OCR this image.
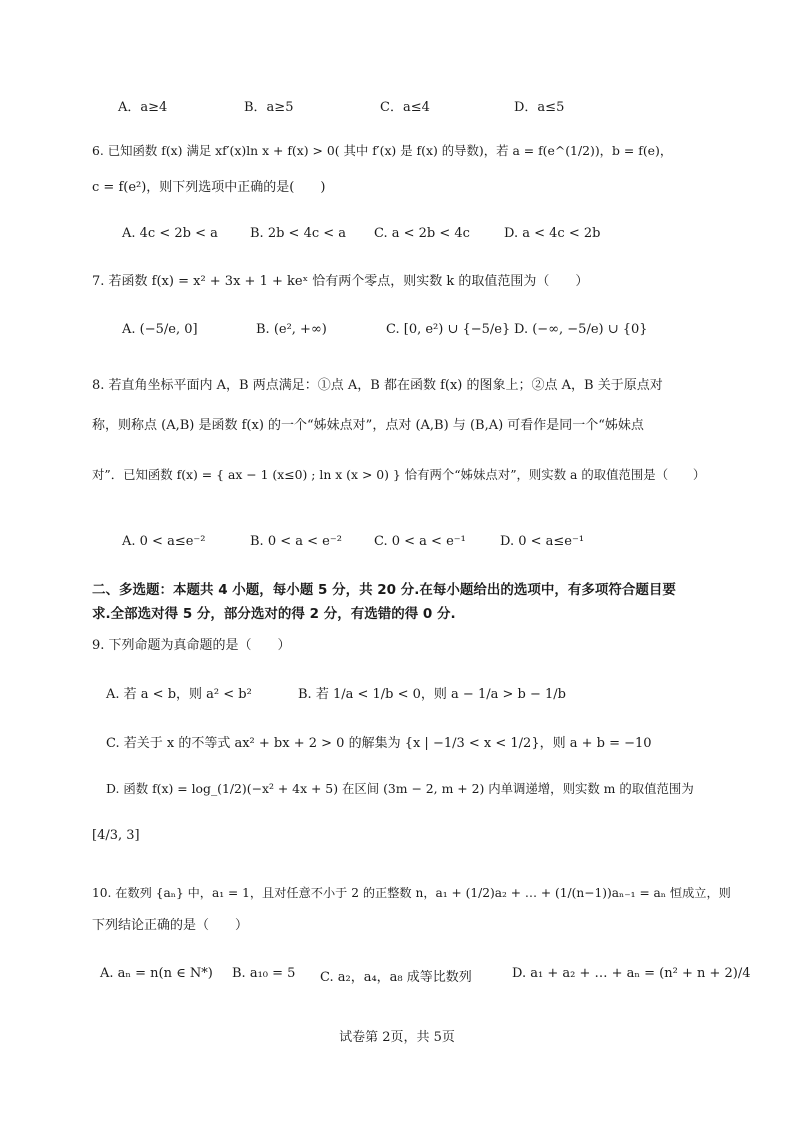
A．a≥4	B．a≥5	C．a≤4	D．a≤5
6. 已知函数 f(x) 满足 xf′(x)ln x + f(x) > 0( 其中 f′(x) 是 f(x) 的导数)，若 a = f(e^(1/2))，b = f(e)，
c = f(e²)，则下列选项中正确的是(　　)
A. 4c < 2b < a B. 2b < 4c < a C. a < 2b < 4c	D. a < 4c < 2b
7. 若函数 f(x) = x² + 3x + 1 + keˣ 恰有两个零点，则实数 k 的取值范围为（　　）
A. (−5/e, 0]	B. (e², +∞)	C. [0, e²) ∪ {−5/e} D. (−∞, −5/e) ∪ {0}
8. 若直角坐标平面内 A，B 两点满足：①点 A，B 都在函数 f(x) 的图象上；②点 A，B 关于原点对
称，则称点 (A,B) 是函数 f(x) 的一个“姊妹点对”，点对 (A,B) 与 (B,A) 可看作是同一个“姊妹点
对”．已知函数 f(x) = { ax − 1 (x≤0) ; ln x (x > 0) } 恰有两个“姊妹点对”，则实数 a 的取值范围是（　　）
A. 0 < a≤e⁻²	B. 0 < a < e⁻² C. 0 < a < e⁻¹	D. 0 < a≤e⁻¹
二、多选题：本题共 4 小题，每小题 5 分，共 20 分.在每小题给出的选项中，有多项符合题目要
求.全部选对得 5 分，部分选对的得 2 分，有选错的得 0 分.
9. 下列命题为真命题的是（　　）
A. 若 a < b，则 a² < b²	B. 若 1/a < 1/b < 0，则 a − 1/a > b − 1/b
C. 若关于 x 的不等式 ax² + bx + 2 > 0 的解集为 {x | −1/3 < x < 1/2}，则 a + b = −10
D. 函数 f(x) = log_(1/2)(−x² + 4x + 5) 在区间 (3m − 2, m + 2) 内单调递增，则实数 m 的取值范围为
[4/3, 3]
10. 在数列 {aₙ} 中，a₁ = 1，且对任意不小于 2 的正整数 n，a₁ + (1/2)a₂ + … + (1/(n−1))aₙ₋₁ = aₙ 恒成立，则
下列结论正确的是（　　）
A. aₙ = n(n ∈ N*) B. a₁₀ = 5 C. a₂，a₄，a₈ 成等比数列	D. a₁ + a₂ + … + aₙ = (n² + n + 2)/4
试卷第 2页，共 5页
